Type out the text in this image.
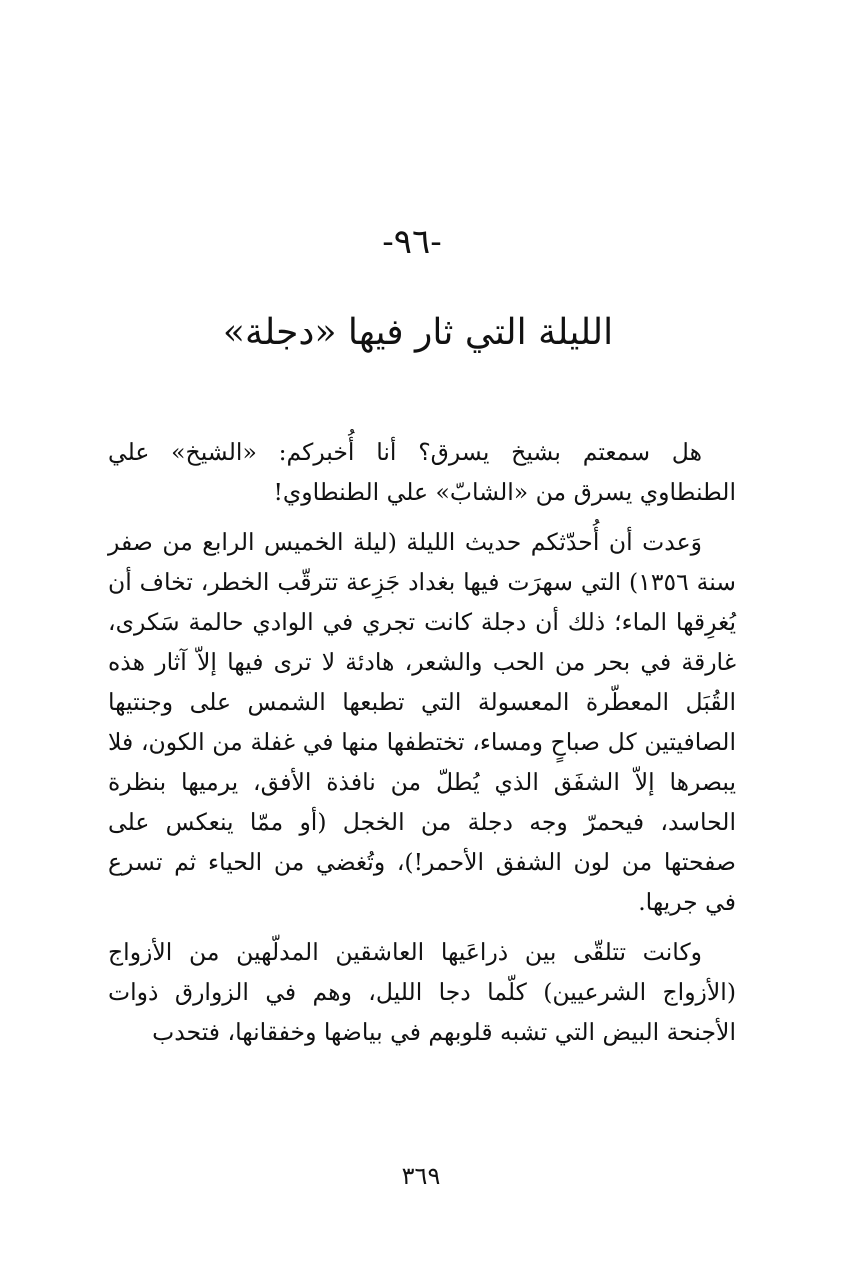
-٩٦-
الليلة التي ثار فيها «دجلة»

هل سمعتم بشيخ يسرق؟ أنا أُخبركم: «الشيخ» علي الطنطاوي يسرق من «الشابّ» علي الطنطاوي!

وَعدت أن أُحدّثكم حديث الليلة (ليلة الخميس الرابع من صفر سنة ١٣٥٦) التي سهرَت فيها بغداد جَزِعة تترقّب الخطر، تخاف أن يُغرِقها الماء؛ ذلك أن دجلة كانت تجري في الوادي حالمة سَكرى، غارقة في بحر من الحب والشعر، هادئة لا ترى فيها إلاّ آثار هذه القُبَل المعطّرة المعسولة التي تطبعها الشمس على وجنتيها الصافيتين كل صباحٍ ومساء، تختطفها منها في غفلة من الكون، فلا يبصرها إلاّ الشفَق الذي يُطلّ من نافذة الأفق، يرميها بنظرة الحاسد، فيحمرّ وجه دجلة من الخجل (أو ممّا ينعكس على صفحتها من لون الشفق الأحمر!)، وتُغضي من الحياء ثم تسرع في جريها.

وكانت تتلقّى بين ذراعَيها العاشقين المدلّهين من الأزواج (الأزواج الشرعيين) كلّما دجا الليل، وهم في الزوارق ذوات الأجنحة البيض التي تشبه قلوبهم في بياضها وخفقانها، فتحدب

٣٦٩
